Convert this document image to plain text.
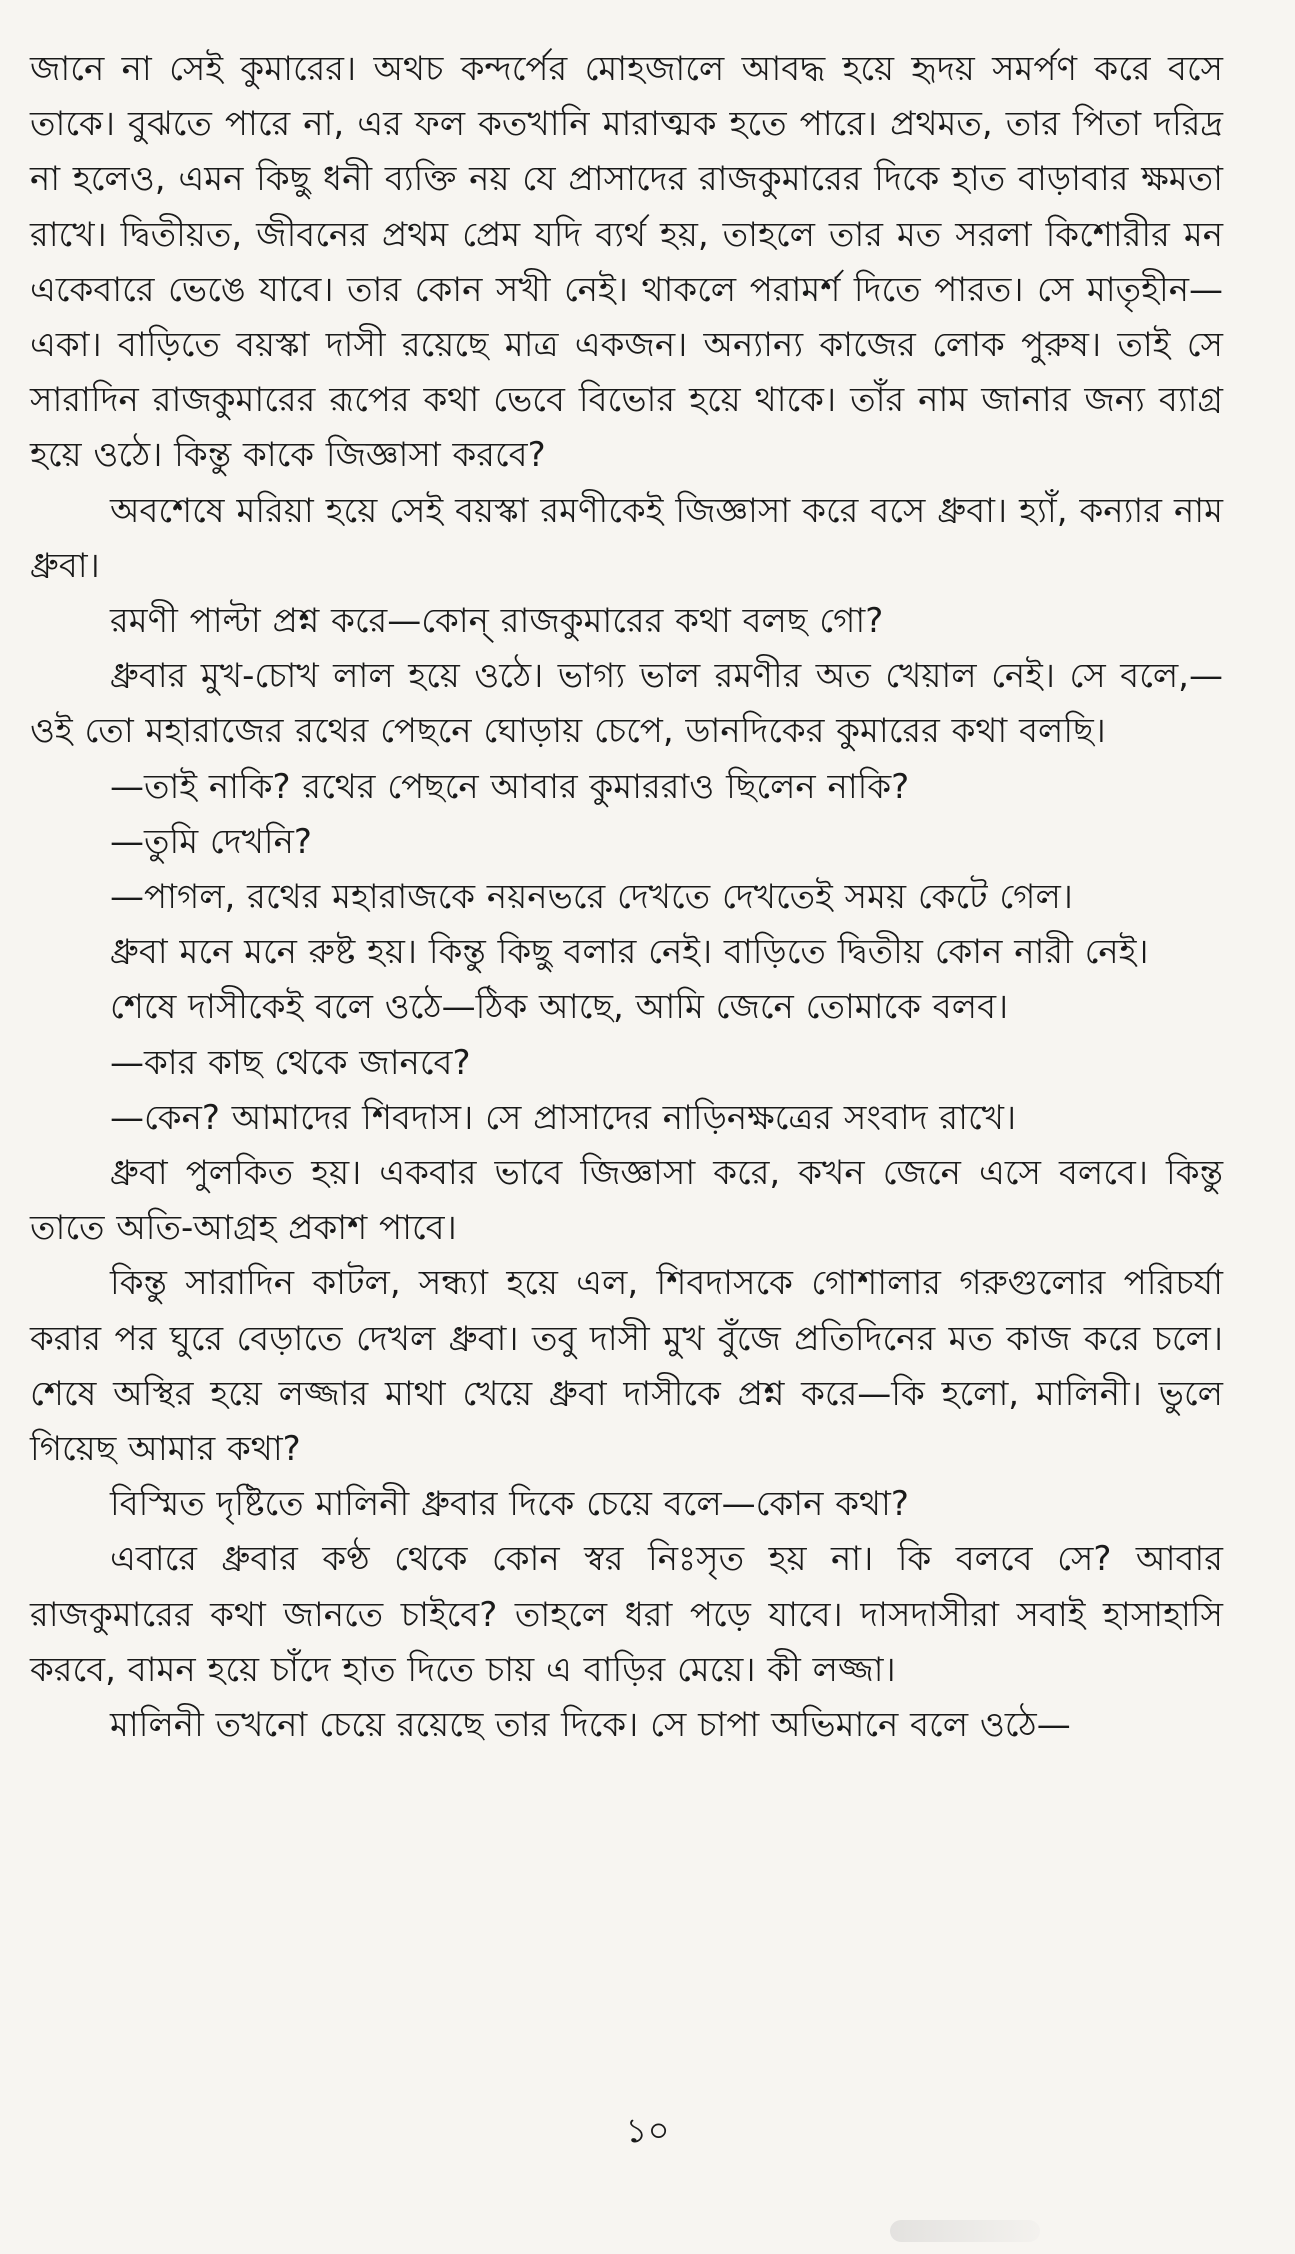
জানে না সেই কুমারের। অথচ কন্দর্পের মোহজালে আবদ্ধ হয়ে হৃদয় সমর্পণ করে বসে তাকে। বুঝতে পারে না, এর ফল কতখানি মারাত্মক হতে পারে। প্রথমত, তার পিতা দরিদ্র না হলেও, এমন কিছু ধনী ব্যক্তি নয় যে প্রাসাদের রাজকুমারের দিকে হাত বাড়াবার ক্ষমতা রাখে। দ্বিতীয়ত, জীবনের প্রথম প্রেম যদি ব্যর্থ হয়, তাহলে তার মত সরলা কিশোরীর মন একেবারে ভেঙে যাবে। তার কোন সখী নেই। থাকলে পরামর্শ দিতে পারত। সে মাতৃহীন—একা। বাড়িতে বয়স্কা দাসী রয়েছে মাত্র একজন। অন্যান্য কাজের লোক পুরুষ। তাই সে সারাদিন রাজকুমারের রূপের কথা ভেবে বিভোর হয়ে থাকে। তাঁর নাম জানার জন্য ব্যাগ্র হয়ে ওঠে। কিন্তু কাকে জিজ্ঞাসা করবে?

অবশেষে মরিয়া হয়ে সেই বয়স্কা রমণীকেই জিজ্ঞাসা করে বসে ধ্রুবা। হ্যাঁ, কন্যার নাম ধ্রুবা।

রমণী পাল্টা প্রশ্ন করে—কোন্ রাজকুমারের কথা বলছ গো?

ধ্রুবার মুখ-চোখ লাল হয়ে ওঠে। ভাগ্য ভাল রমণীর অত খেয়াল নেই। সে বলে,—ওই তো মহারাজের রথের পেছনে ঘোড়ায় চেপে, ডানদিকের কুমারের কথা বলছি।

—তাই নাকি? রথের পেছনে আবার কুমাররাও ছিলেন নাকি?

—তুমি দেখনি?

—পাগল, রথের মহারাজকে নয়নভরে দেখতে দেখতেই সময় কেটে গেল।

ধ্রুবা মনে মনে রুষ্ট হয়। কিন্তু কিছু বলার নেই। বাড়িতে দ্বিতীয় কোন নারী নেই।

শেষে দাসীকেই বলে ওঠে—ঠিক আছে, আমি জেনে তোমাকে বলব।

—কার কাছ থেকে জানবে?

—কেন? আমাদের শিবদাস। সে প্রাসাদের নাড়িনক্ষত্রের সংবাদ রাখে।

ধ্রুবা পুলকিত হয়। একবার ভাবে জিজ্ঞাসা করে, কখন জেনে এসে বলবে। কিন্তু তাতে অতি-আগ্রহ প্রকাশ পাবে।

কিন্তু সারাদিন কাটল, সন্ধ্যা হয়ে এল, শিবদাসকে গোশালার গরুগুলোর পরিচর্যা করার পর ঘুরে বেড়াতে দেখল ধ্রুবা। তবু দাসী মুখ বুঁজে প্রতিদিনের মত কাজ করে চলে। শেষে অস্থির হয়ে লজ্জার মাথা খেয়ে ধ্রুবা দাসীকে প্রশ্ন করে—কি হলো, মালিনী। ভুলে গিয়েছ আমার কথা?

বিস্মিত দৃষ্টিতে মালিনী ধ্রুবার দিকে চেয়ে বলে—কোন কথা?

এবারে ধ্রুবার কণ্ঠ থেকে কোন স্বর নিঃসৃত হয় না। কি বলবে সে? আবার রাজকুমারের কথা জানতে চাইবে? তাহলে ধরা পড়ে যাবে। দাসদাসীরা সবাই হাসাহাসি করবে, বামন হয়ে চাঁদে হাত দিতে চায় এ বাড়ির মেয়ে। কী লজ্জা।

মালিনী তখনো চেয়ে রয়েছে তার দিকে। সে চাপা অভিমানে বলে ওঠে—

১০
